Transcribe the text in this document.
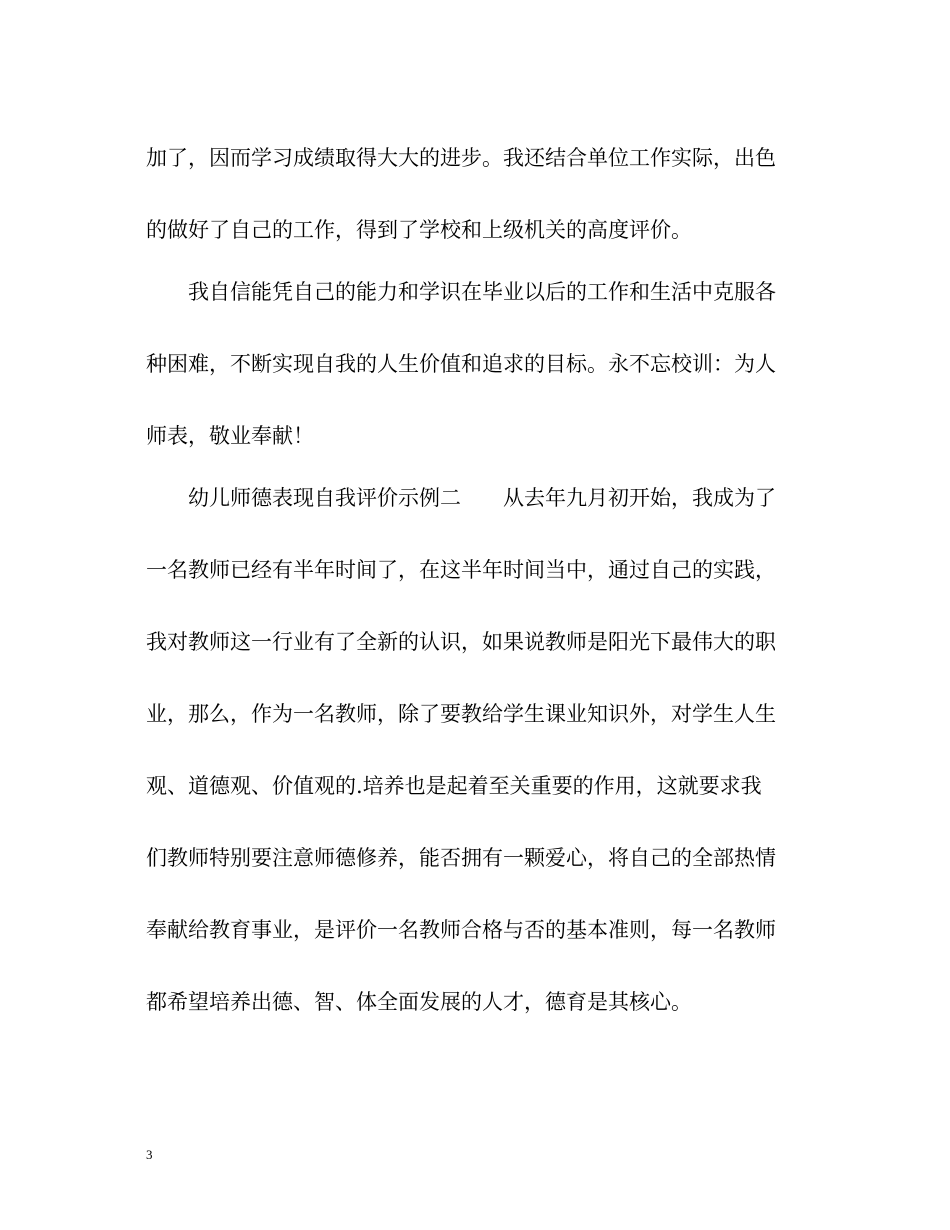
加了，因而学习成绩取得大大的进步。我还结合单位工作实际，出色
的做好了自己的工作，得到了学校和上级机关的高度评价。
　　我自信能凭自己的能力和学识在毕业以后的工作和生活中克服各
种困难，不断实现自我的人生价值和追求的目标。永不忘校训：为人
师表，敬业奉献！
　　幼儿师德表现自我评价示例二　　从去年九月初开始，我成为了
一名教师已经有半年时间了，在这半年时间当中，通过自己的实践，
我对教师这一行业有了全新的认识，如果说教师是阳光下最伟大的职
业，那么，作为一名教师，除了要教给学生课业知识外，对学生人生
观、道德观、价值观的.培养也是起着至关重要的作用，这就要求我
们教师特别要注意师德修养，能否拥有一颗爱心，将自己的全部热情
奉献给教育事业，是评价一名教师合格与否的基本准则，每一名教师
都希望培养出德、智、体全面发展的人才，德育是其核心。
3
